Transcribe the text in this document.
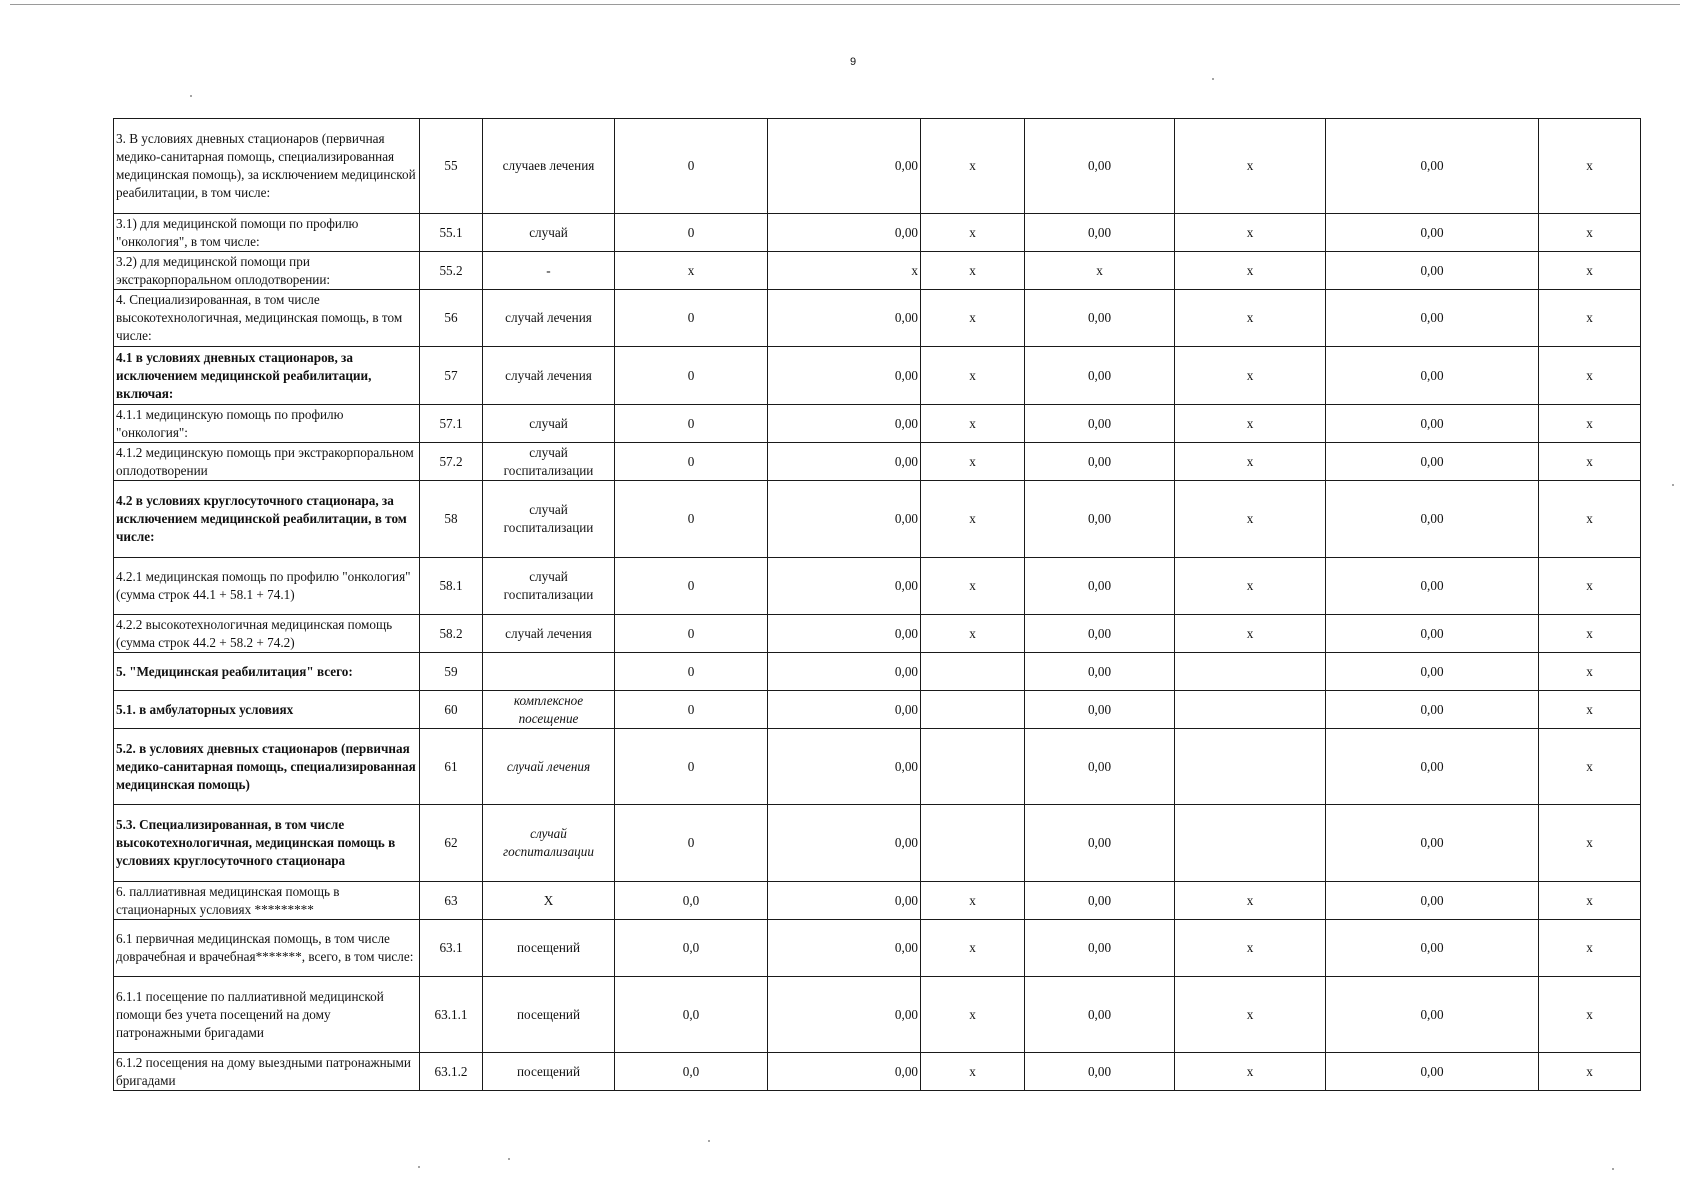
9
3. В условиях дневных стационаров (первичная медико-санитарная помощь, специализированная медицинская помощь), за исключением медицинской реабилитации, в том числе:	55	случаев лечения	0	0,00	x	0,00	x	0,00	x
3.1) для медицинской помощи по профилю "онкология", в том числе:	55.1	случай	0	0,00	x	0,00	x	0,00	x
3.2) для медицинской помощи при экстракорпоральном оплодотворении:	55.2	-	x	x	x	x	x	0,00	x
4. Специализированная, в том числе высокотехнологичная, медицинская помощь, в том числе:	56	случай лечения	0	0,00	x	0,00	x	0,00	x
4.1 в условиях дневных стационаров, за исключением медицинской реабилитации, включая:	57	случай лечения	0	0,00	x	0,00	x	0,00	x
4.1.1 медицинскую помощь по профилю "онкология":	57.1	случай	0	0,00	x	0,00	x	0,00	x
4.1.2 медицинскую помощь при экстракорпоральном оплодотворении	57.2	случай госпитализации	0	0,00	x	0,00	x	0,00	x
4.2 в условиях круглосуточного стационара, за исключением медицинской реабилитации, в том числе:	58	случай госпитализации	0	0,00	x	0,00	x	0,00	x
4.2.1 медицинская помощь по профилю "онкология" (сумма строк 44.1 + 58.1 + 74.1)	58.1	случай госпитализации	0	0,00	x	0,00	x	0,00	x
4.2.2 высокотехнологичная медицинская помощь (сумма строк 44.2 + 58.2 + 74.2)	58.2	случай лечения	0	0,00	x	0,00	x	0,00	x
5. "Медицинская реабилитация" всего:	59		0	0,00		0,00		0,00	x
5.1. в амбулаторных условиях	60	комплексное посещение	0	0,00		0,00		0,00	x
5.2. в условиях дневных стационаров (первичная медико-санитарная помощь, специализированная медицинская помощь)	61	случай лечения	0	0,00		0,00		0,00	x
5.3. Специализированная, в том числе высокотехнологичная, медицинская помощь в условиях круглосуточного стационара	62	случай госпитализации	0	0,00		0,00		0,00	x
6. паллиативная медицинская помощь в стационарных условиях *********	63	X	0,0	0,00	x	0,00	x	0,00	x
6.1 первичная медицинская помощь, в том числе доврачебная и врачебная*******, всего, в том числе:	63.1	посещений	0,0	0,00	x	0,00	x	0,00	x
6.1.1 посещение по паллиативной медицинской помощи без учета посещений на дому патронажными бригадами	63.1.1	посещений	0,0	0,00	x	0,00	x	0,00	x
6.1.2 посещения на дому выездными патронажными бригадами	63.1.2	посещений	0,0	0,00	x	0,00	x	0,00	x
